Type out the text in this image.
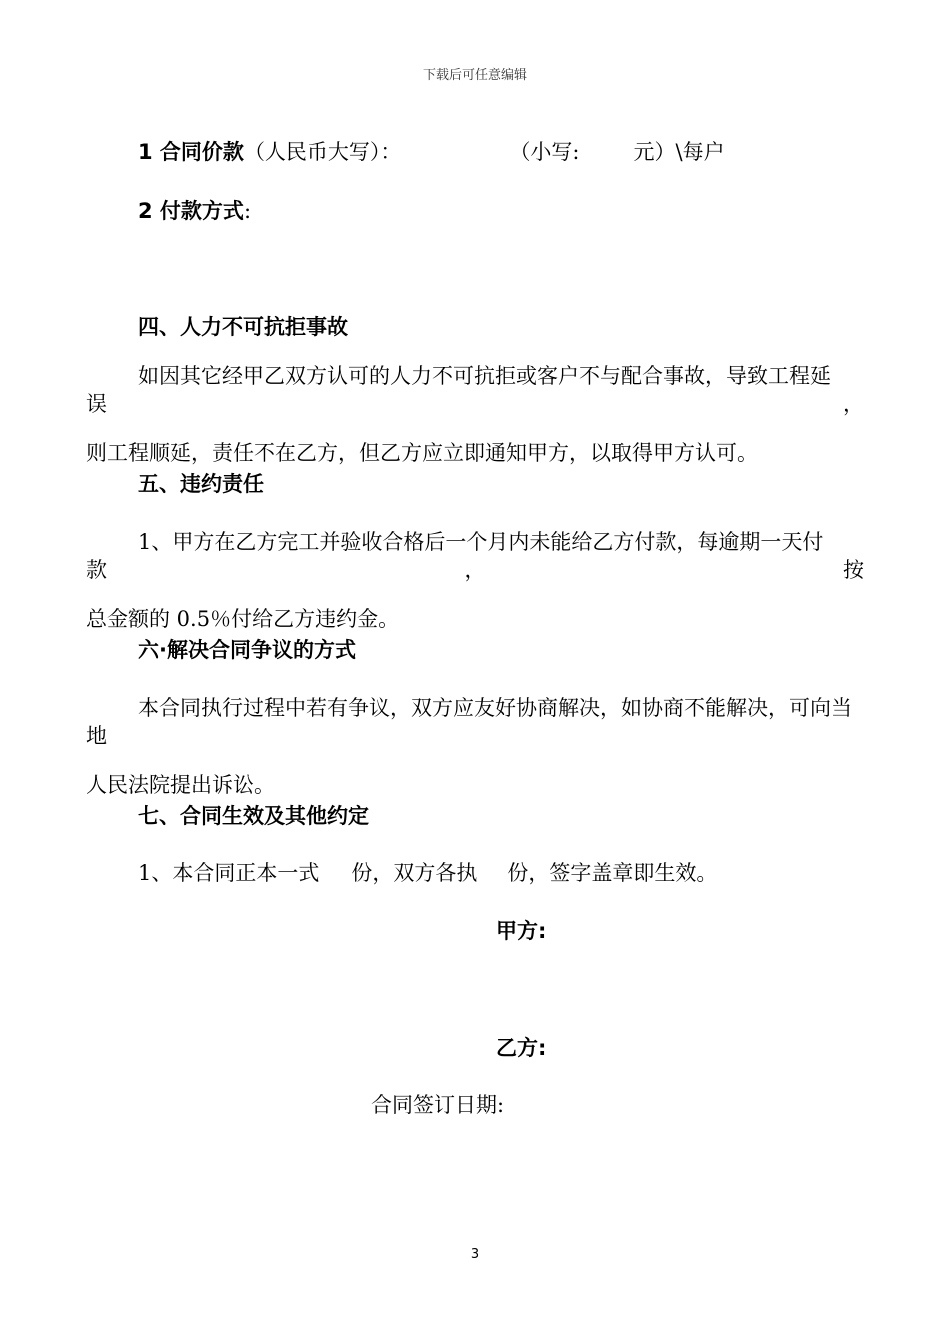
下载后可任意编辑
1 合同价款（人民币大写）：	（小写:	元）\每户
2 付款方式:
四、人力不可抗拒事故
如因其它经甲乙双方认可的人力不可抗拒或客户不与配合事故，导致工程延误，
则工程顺延，责任不在乙方，但乙方应立即通知甲方，以取得甲方认可。
五、违约责任
1、甲方在乙方完工并验收合格后一个月内未能给乙方付款，每逾期一天付款，按
总金额的 0.5％付给乙方违约金。
六·解决合同争议的方式
本合同执行过程中若有争议，双方应友好协商解决，如协商不能解决，可向当地
人民法院提出诉讼。
七、合同生效及其他约定
1、本合同正本一式 份，双方各执 份，签字盖章即生效。
甲方:
乙方:
合同签订日期:
3
